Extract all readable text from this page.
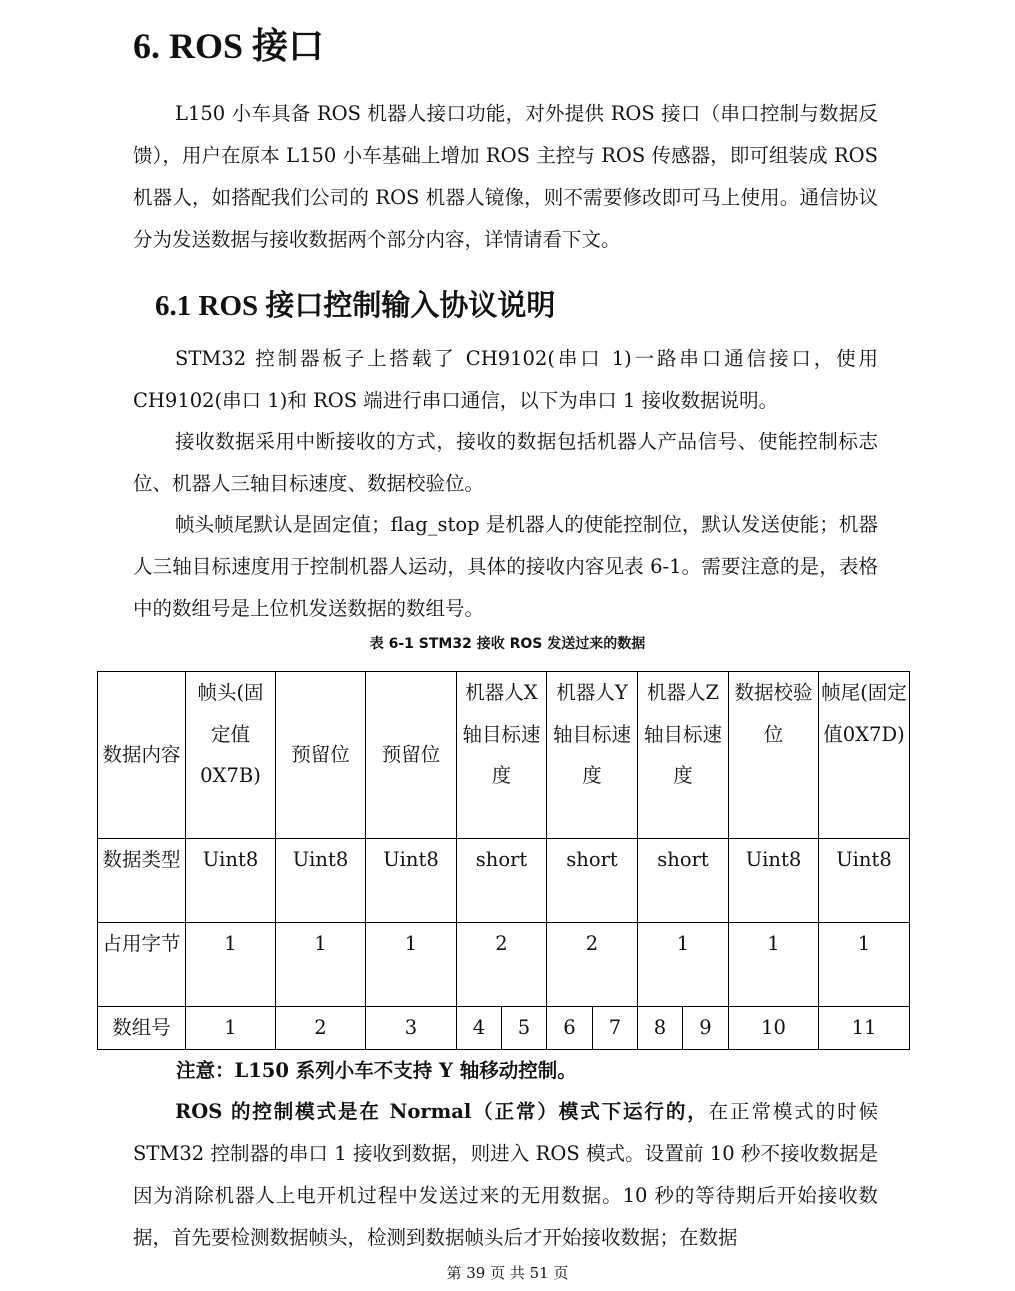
6. ROS 接口
L150 小车具备 ROS 机器人接口功能，对外提供 ROS 接口（串口控制与数据反馈），用户在原本 L150 小车基础上增加 ROS 主控与 ROS 传感器，即可组装成 ROS 机器人，如搭配我们公司的 ROS 机器人镜像，则不需要修改即可马上使用。通信协议分为发送数据与接收数据两个部分内容，详情请看下文。
6.1 ROS 接口控制输入协议说明
STM32 控制器板子上搭载了 CH9102(串口 1)一路串口通信接口，使用 CH9102(串口 1)和 ROS 端进行串口通信，以下为串口 1 接收数据说明。
接收数据采用中断接收的方式，接收的数据包括机器人产品信号、使能控制标志位、机器人三轴目标速度、数据校验位。
帧头帧尾默认是固定值；flag_stop 是机器人的使能控制位，默认发送使能；机器人三轴目标速度用于控制机器人运动，具体的接收内容见表 6-1。需要注意的是，表格中的数组号是上位机发送数据的数组号。
表 6-1 STM32 接收 ROS 发送过来的数据
数据内容	帧头(固定值0X7B)	预留位	预留位	机器人X轴目标速度		机器人Y轴目标速度		机器人Z轴目标速度		数据校验位	帧尾(固定值0X7D)
数据类型	Uint8	Uint8	Uint8	short		short		short		Uint8	Uint8
占用字节	1	1	1	2		2		1		1	1
数组号	1	2	3	4	5	6	7	8	9	10	11
注意：L150 系列小车不支持 Y 轴移动控制。
ROS 的控制模式是在 Normal（正常）模式下运行的，在正常模式的时候 STM32 控制器的串口 1 接收到数据，则进入 ROS 模式。设置前 10 秒不接收数据是因为消除机器人上电开机过程中发送过来的无用数据。10 秒的等待期后开始接收数据，首先要检测数据帧头，检测到数据帧头后才开始接收数据；在数据
第 39 页 共 51 页
